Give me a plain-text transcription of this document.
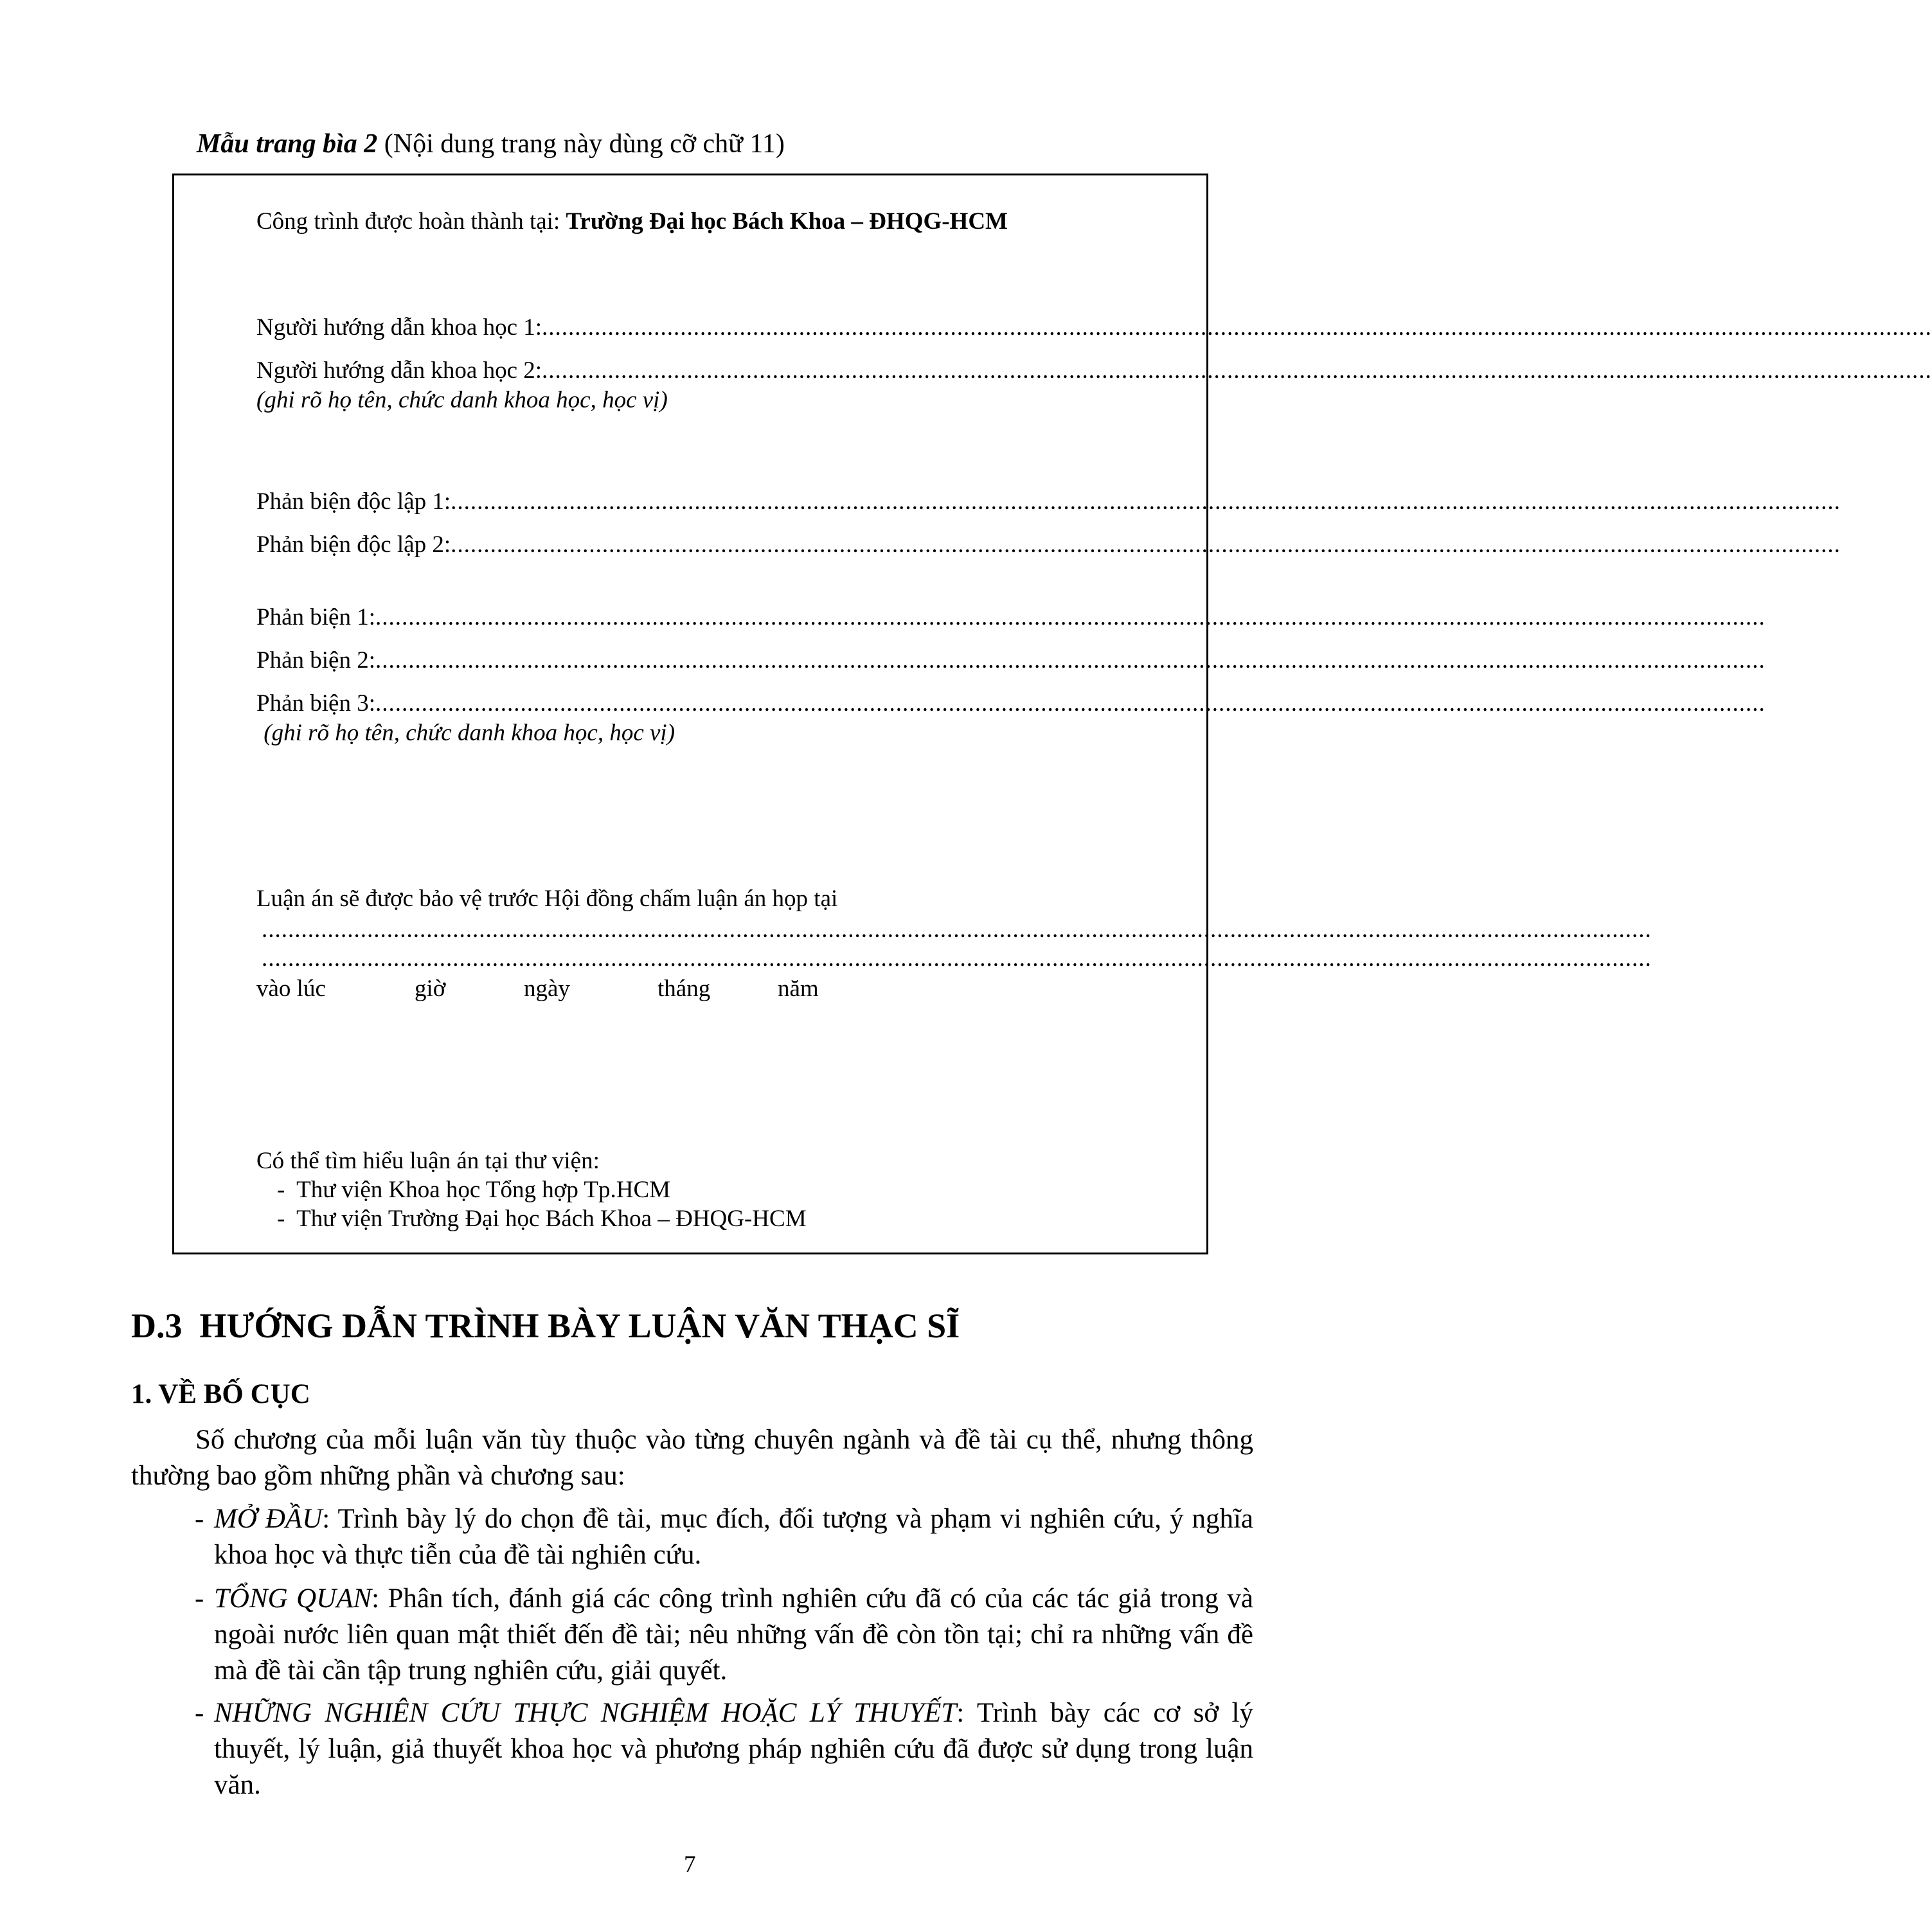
Mẫu trang bìa 2 (Nội dung trang này dùng cỡ chữ 11)
Công trình được hoàn thành tại: Trường Đại học Bách Khoa – ĐHQG-HCM
Người hướng dẫn khoa học 1: ...................................................................................................................................................................................................................
Người hướng dẫn khoa học 2: ...................................................................................................................................................................................................................
(ghi rõ họ tên, chức danh khoa học, học vị)
Phản biện độc lập 1: ...................................................................................................................................................................................................................
Phản biện độc lập 2: ...................................................................................................................................................................................................................
Phản biện 1: ...................................................................................................................................................................................................................
Phản biện 2: ...................................................................................................................................................................................................................
Phản biện 3: ...................................................................................................................................................................................................................
(ghi rõ họ tên, chức danh khoa học, học vị)
Luận án sẽ được bảo vệ trước Hội đồng chấm luận án họp tại
...................................................................................................................................................................................................................
...................................................................................................................................................................................................................
vào lúc	giờ	ngày	tháng	năm
Có thể tìm hiểu luận án tại thư viện:
-  Thư viện Khoa học Tổng hợp Tp.HCM
-  Thư viện Trường Đại học Bách Khoa – ĐHQG-HCM
D.3  HƯỚNG DẪN TRÌNH BÀY LUẬN VĂN THẠC SĨ
1. VỀ BỐ CỤC
Số chương của mỗi luận văn tùy thuộc vào từng chuyên ngành và đề tài cụ thể, nhưng thông thường bao gồm những phần và chương sau:
- MỞ ĐẦU: Trình bày lý do chọn đề tài, mục đích, đối tượng và phạm vi nghiên cứu, ý nghĩa khoa học và thực tiễn của đề tài nghiên cứu.
- TỔNG QUAN: Phân tích, đánh giá các công trình nghiên cứu đã có của các tác giả trong và ngoài nước liên quan mật thiết đến đề tài; nêu những vấn đề còn tồn tại; chỉ ra những vấn đề mà đề tài cần tập trung nghiên cứu, giải quyết.
- NHỮNG NGHIÊN CỨU THỰC NGHIỆM HOẶC LÝ THUYẾT: Trình bày các cơ sở lý thuyết, lý luận, giả thuyết khoa học và phương pháp nghiên cứu đã được sử dụng trong luận văn.
7
